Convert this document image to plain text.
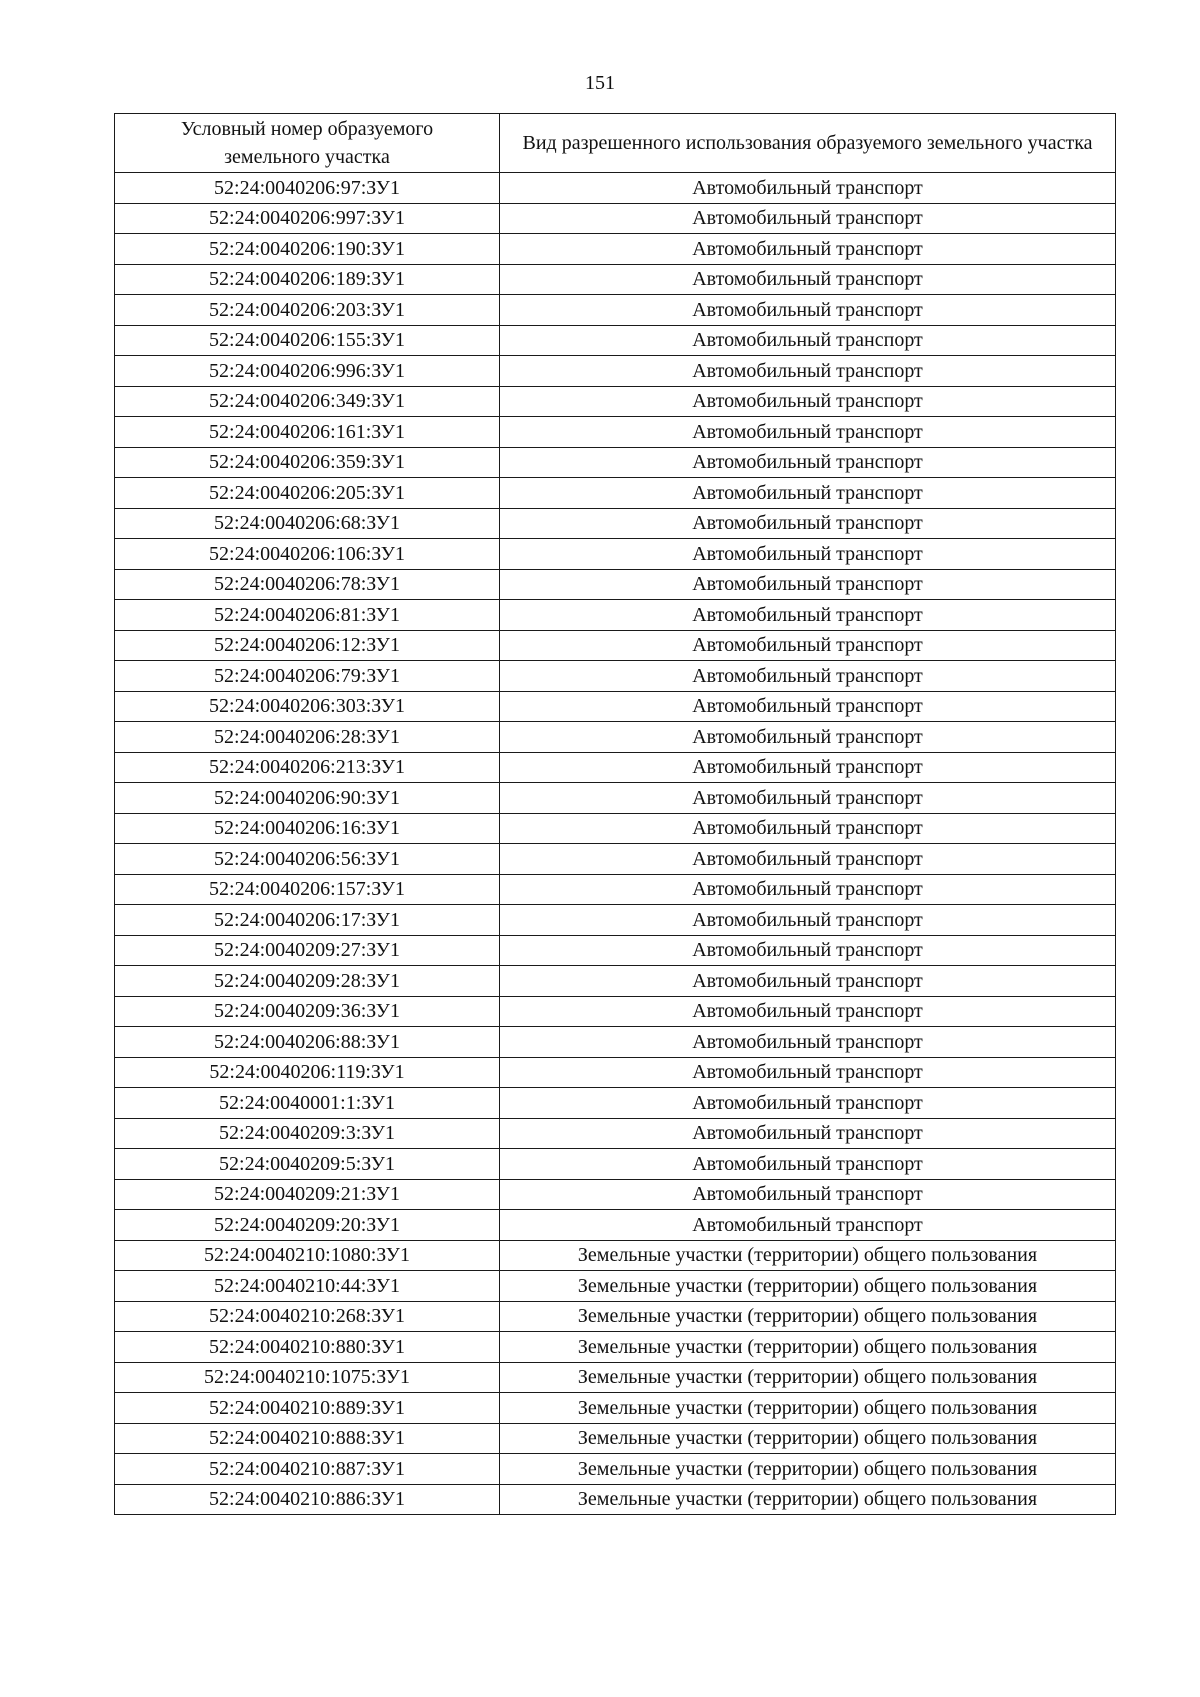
151
Условный номер образуемого земельного участка	Вид разрешенного использования образуемого земельного участка
52:24:0040206:97:ЗУ1	Автомобильный транспорт
52:24:0040206:997:ЗУ1	Автомобильный транспорт
52:24:0040206:190:ЗУ1	Автомобильный транспорт
52:24:0040206:189:ЗУ1	Автомобильный транспорт
52:24:0040206:203:ЗУ1	Автомобильный транспорт
52:24:0040206:155:ЗУ1	Автомобильный транспорт
52:24:0040206:996:ЗУ1	Автомобильный транспорт
52:24:0040206:349:ЗУ1	Автомобильный транспорт
52:24:0040206:161:ЗУ1	Автомобильный транспорт
52:24:0040206:359:ЗУ1	Автомобильный транспорт
52:24:0040206:205:ЗУ1	Автомобильный транспорт
52:24:0040206:68:ЗУ1	Автомобильный транспорт
52:24:0040206:106:ЗУ1	Автомобильный транспорт
52:24:0040206:78:ЗУ1	Автомобильный транспорт
52:24:0040206:81:ЗУ1	Автомобильный транспорт
52:24:0040206:12:ЗУ1	Автомобильный транспорт
52:24:0040206:79:ЗУ1	Автомобильный транспорт
52:24:0040206:303:ЗУ1	Автомобильный транспорт
52:24:0040206:28:ЗУ1	Автомобильный транспорт
52:24:0040206:213:ЗУ1	Автомобильный транспорт
52:24:0040206:90:ЗУ1	Автомобильный транспорт
52:24:0040206:16:ЗУ1	Автомобильный транспорт
52:24:0040206:56:ЗУ1	Автомобильный транспорт
52:24:0040206:157:ЗУ1	Автомобильный транспорт
52:24:0040206:17:ЗУ1	Автомобильный транспорт
52:24:0040209:27:ЗУ1	Автомобильный транспорт
52:24:0040209:28:ЗУ1	Автомобильный транспорт
52:24:0040209:36:ЗУ1	Автомобильный транспорт
52:24:0040206:88:ЗУ1	Автомобильный транспорт
52:24:0040206:119:ЗУ1	Автомобильный транспорт
52:24:0040001:1:ЗУ1	Автомобильный транспорт
52:24:0040209:3:ЗУ1	Автомобильный транспорт
52:24:0040209:5:ЗУ1	Автомобильный транспорт
52:24:0040209:21:ЗУ1	Автомобильный транспорт
52:24:0040209:20:ЗУ1	Автомобильный транспорт
52:24:0040210:1080:ЗУ1	Земельные участки (территории) общего пользования
52:24:0040210:44:ЗУ1	Земельные участки (территории) общего пользования
52:24:0040210:268:ЗУ1	Земельные участки (территории) общего пользования
52:24:0040210:880:ЗУ1	Земельные участки (территории) общего пользования
52:24:0040210:1075:ЗУ1	Земельные участки (территории) общего пользования
52:24:0040210:889:ЗУ1	Земельные участки (территории) общего пользования
52:24:0040210:888:ЗУ1	Земельные участки (территории) общего пользования
52:24:0040210:887:ЗУ1	Земельные участки (территории) общего пользования
52:24:0040210:886:ЗУ1	Земельные участки (территории) общего пользования
